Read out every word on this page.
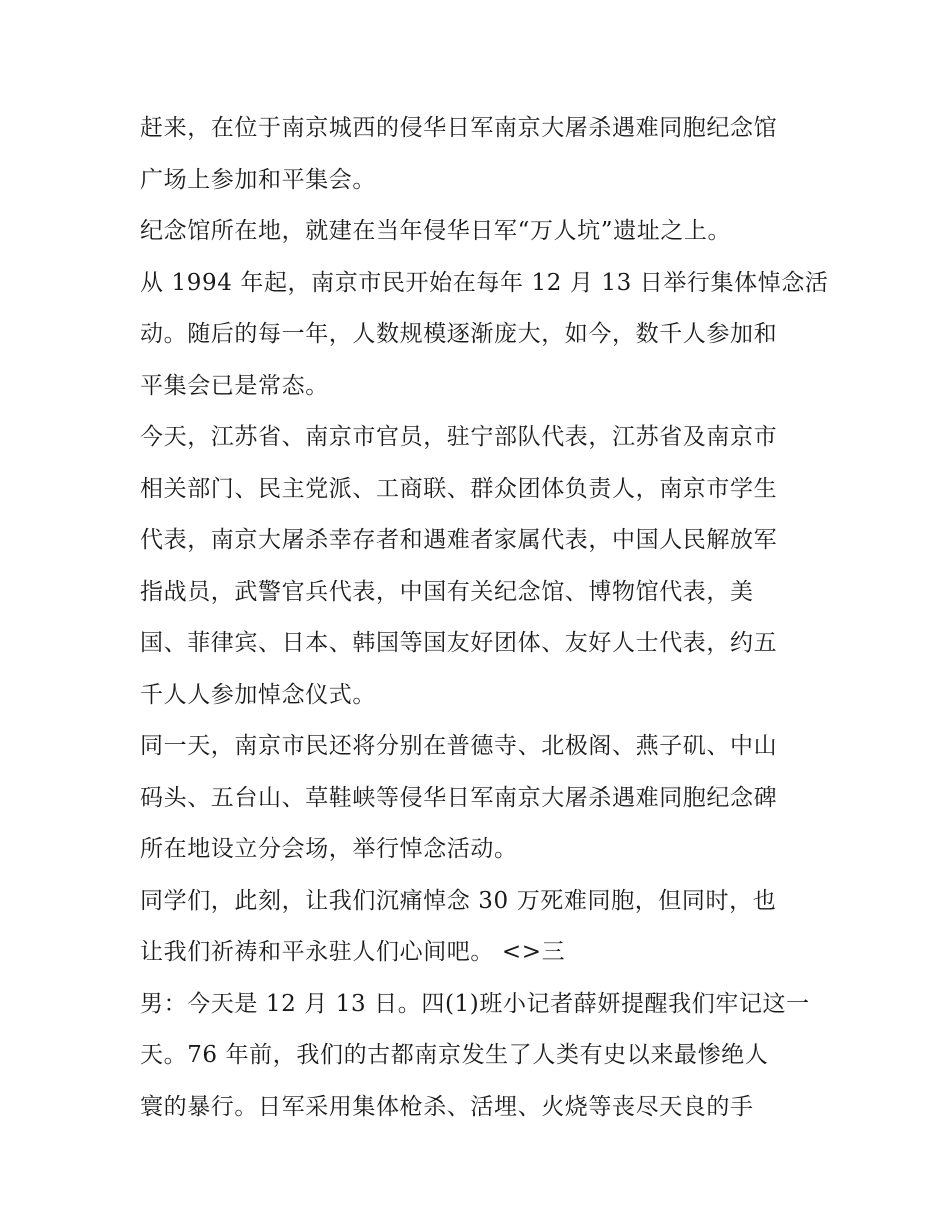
赶来，在位于南京城西的侵华日军南京大屠杀遇难同胞纪念馆
广场上参加和平集会。
纪念馆所在地，就建在当年侵华日军“万人坑”遗址之上。
从 1994 年起，南京市民开始在每年 12 月 13 日举行集体悼念活
动。随后的每一年，人数规模逐渐庞大，如今，数千人参加和
平集会已是常态。
今天，江苏省、南京市官员，驻宁部队代表，江苏省及南京市
相关部门、民主党派、工商联、群众团体负责人，南京市学生
代表，南京大屠杀幸存者和遇难者家属代表，中国人民解放军
指战员，武警官兵代表，中国有关纪念馆、博物馆代表，美
国、菲律宾、日本、韩国等国友好团体、友好人士代表，约五
千人人参加悼念仪式。
同一天，南京市民还将分别在普德寺、北极阁、燕子矶、中山
码头、五台山、草鞋峡等侵华日军南京大屠杀遇难同胞纪念碑
所在地设立分会场，举行悼念活动。
同学们，此刻，让我们沉痛悼念 30 万死难同胞，但同时，也
让我们祈祷和平永驻人们心间吧。 <>三
男：今天是 12 月 13 日。四(1)班小记者薛妍提醒我们牢记这一
天。76 年前，我们的古都南京发生了人类有史以来最惨绝人
寰的暴行。日军采用集体枪杀、活埋、火烧等丧尽天良的手
